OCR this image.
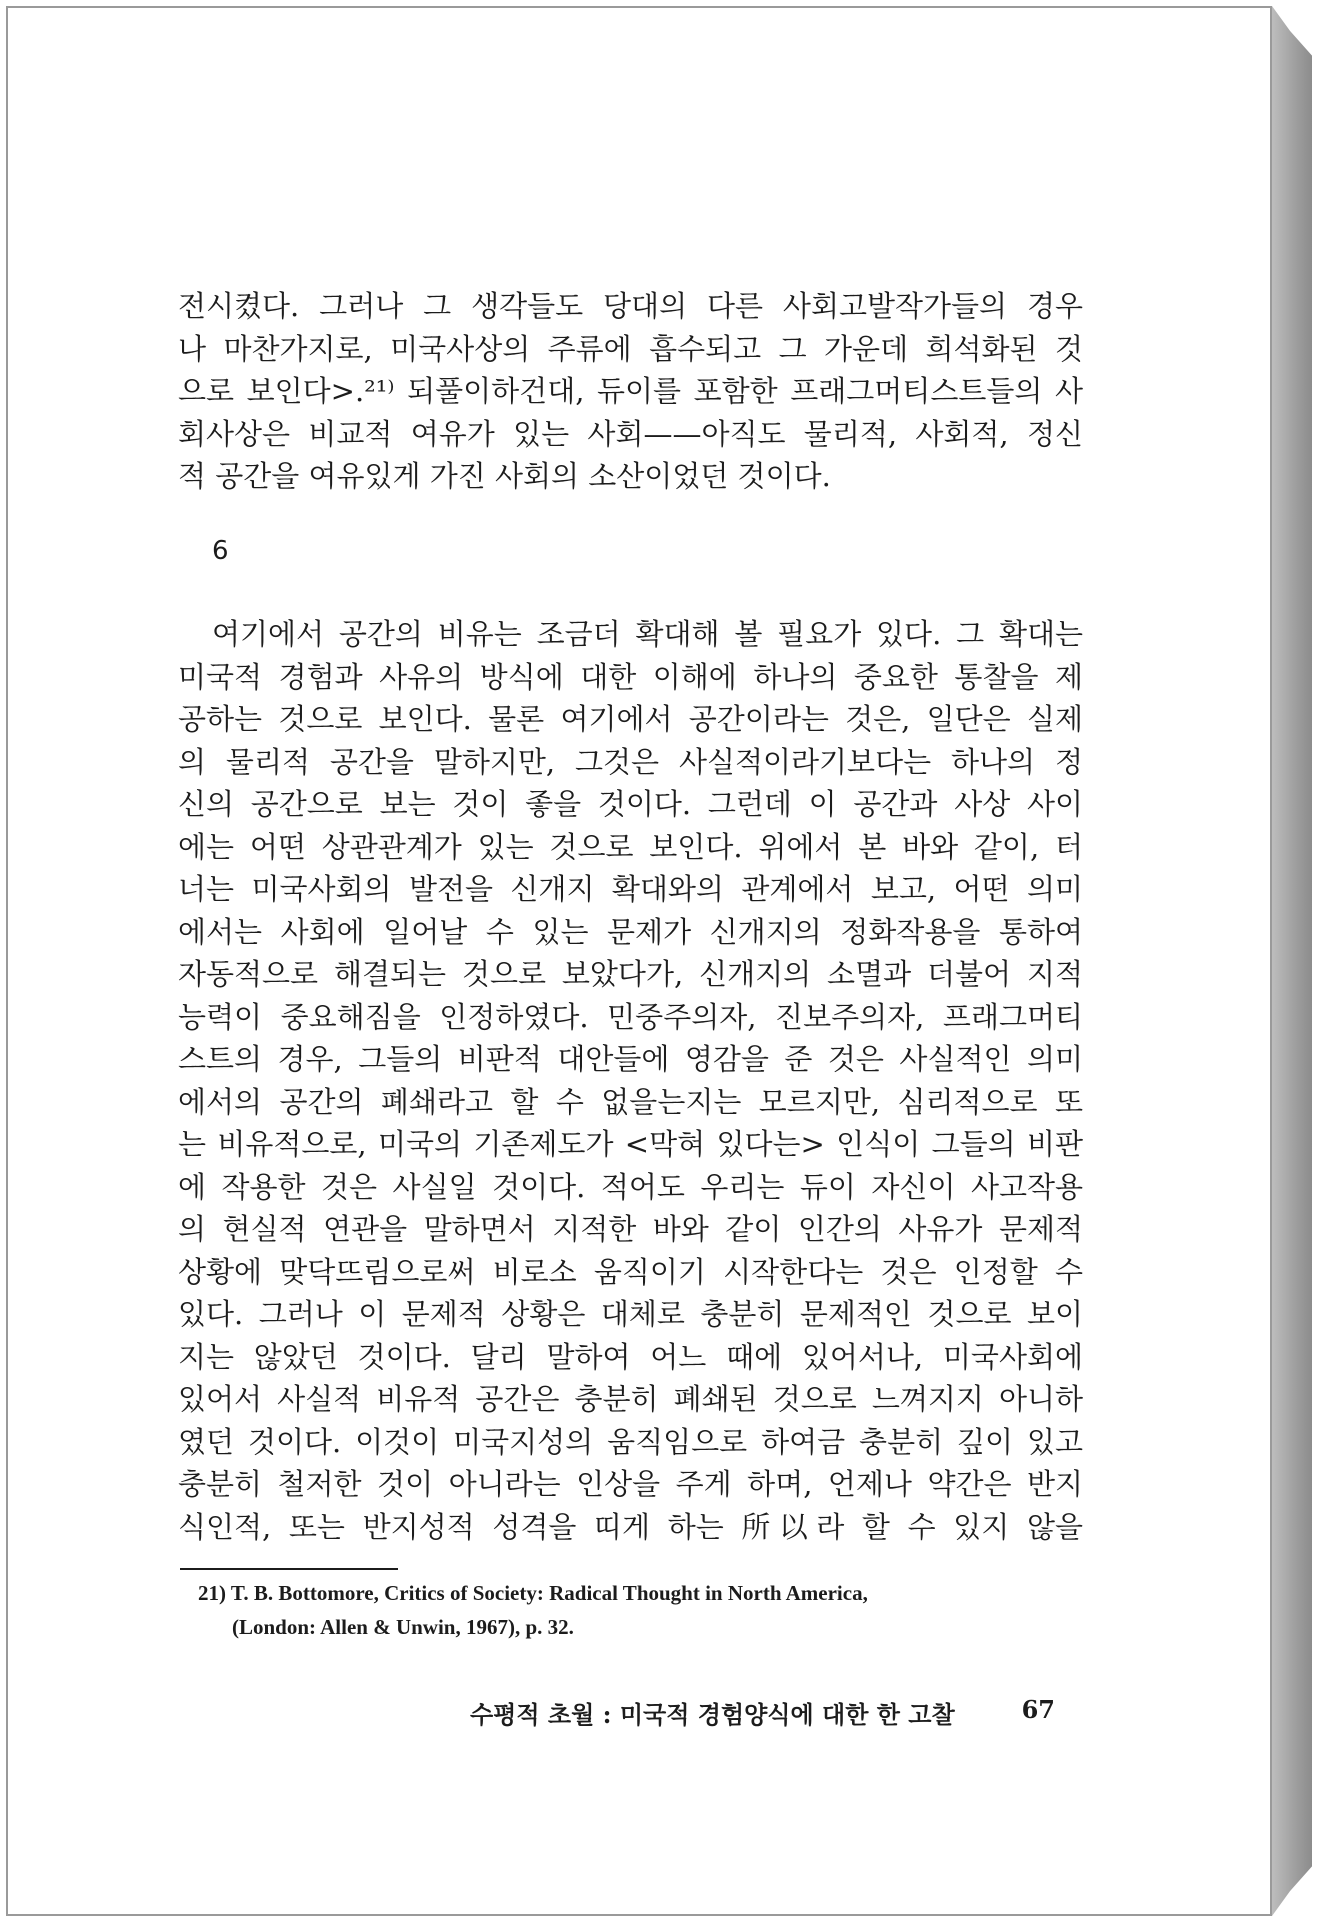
전시켰다. 그러나 그 생각들도 당대의 다른 사회고발작가들의 경우
나 마찬가지로, 미국사상의 주류에 흡수되고 그 가운데 희석화된 것
으로 보인다>.²¹⁾ 되풀이하건대, 듀이를 포함한 프래그머티스트들의 사
회사상은 비교적 여유가 있는 사회——아직도 물리적, 사회적, 정신
적 공간을 여유있게 가진 사회의 소산이었던 것이다.
6
여기에서 공간의 비유는 조금더 확대해 볼 필요가 있다. 그 확대는
미국적 경험과 사유의 방식에 대한 이해에 하나의 중요한 통찰을 제
공하는 것으로 보인다. 물론 여기에서 공간이라는 것은, 일단은 실제
의 물리적 공간을 말하지만, 그것은 사실적이라기보다는 하나의 정
신의 공간으로 보는 것이 좋을 것이다. 그런데 이 공간과 사상 사이
에는 어떤 상관관계가 있는 것으로 보인다. 위에서 본 바와 같이, 터
너는 미국사회의 발전을 신개지 확대와의 관계에서 보고, 어떤 의미
에서는 사회에 일어날 수 있는 문제가 신개지의 정화작용을 통하여
자동적으로 해결되는 것으로 보았다가, 신개지의 소멸과 더불어 지적
능력이 중요해짐을 인정하였다. 민중주의자, 진보주의자, 프래그머티
스트의 경우, 그들의 비판적 대안들에 영감을 준 것은 사실적인 의미
에서의 공간의 폐쇄라고 할 수 없을는지는 모르지만, 심리적으로 또
는 비유적으로, 미국의 기존제도가 <막혀 있다는> 인식이 그들의 비판
에 작용한 것은 사실일 것이다. 적어도 우리는 듀이 자신이 사고작용
의 현실적 연관을 말하면서 지적한 바와 같이 인간의 사유가 문제적
상황에 맞닥뜨림으로써 비로소 움직이기 시작한다는 것은 인정할 수
있다. 그러나 이 문제적 상황은 대체로 충분히 문제적인 것으로 보이
지는 않았던 것이다. 달리 말하여 어느 때에 있어서나, 미국사회에
있어서 사실적 비유적 공간은 충분히 폐쇄된 것으로 느껴지지 아니하
였던 것이다. 이것이 미국지성의 움직임으로 하여금 충분히 깊이 있고
충분히 철저한 것이 아니라는 인상을 주게 하며, 언제나 약간은 반지
식인적, 또는 반지성적 성격을 띠게 하는 所以라 할 수 있지 않을
21) T. B. Bottomore, Critics of Society: Radical Thought in North America,
(London: Allen & Unwin, 1967), p. 32.
수평적 초월 : 미국적 경험양식에 대한 한 고찰	67
